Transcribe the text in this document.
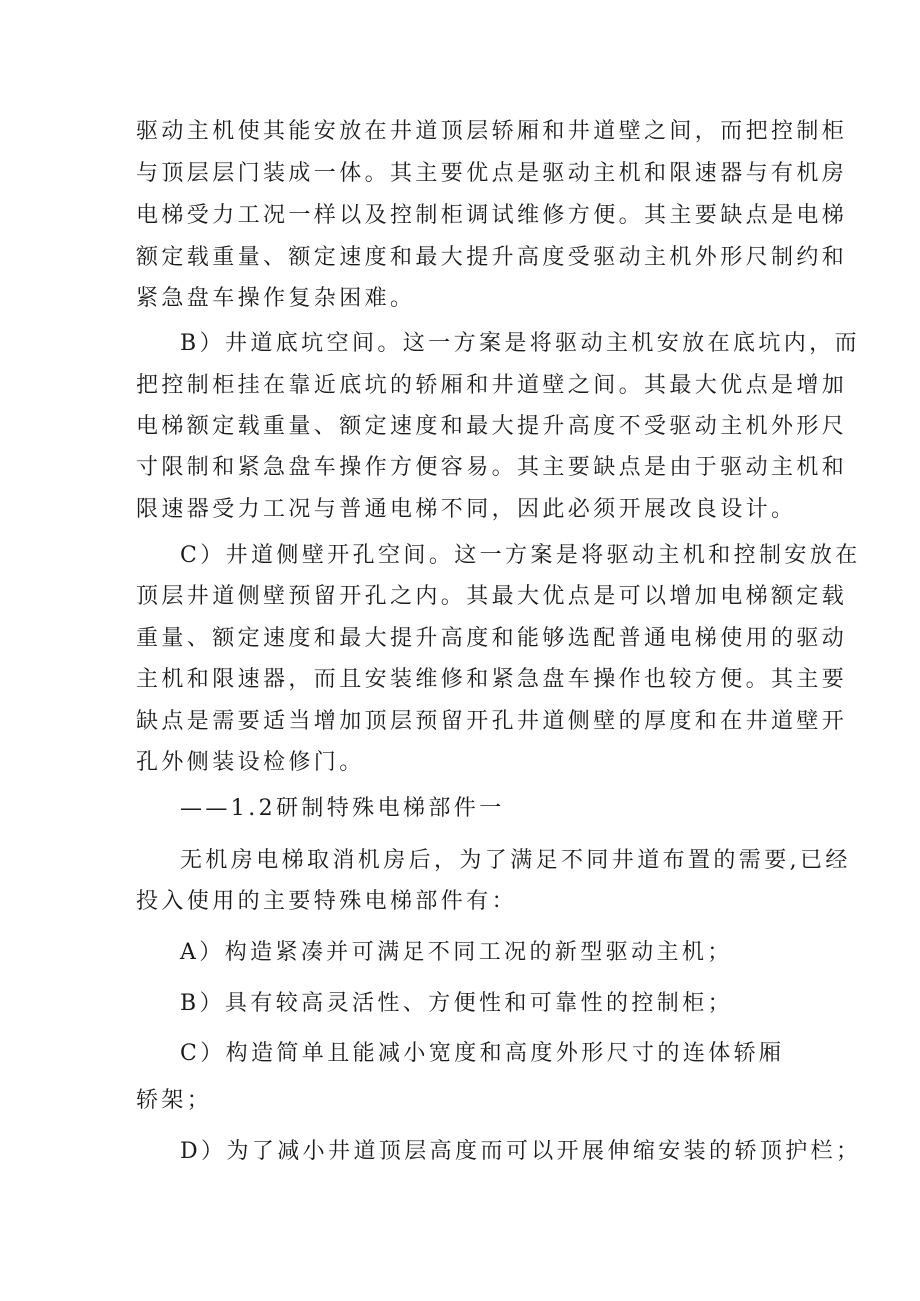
驱动主机使其能安放在井道顶层轿厢和井道壁之间，而把控制柜
与顶层层门装成一体。其主要优点是驱动主机和限速器与有机房
电梯受力工况一样以及控制柜调试维修方便。其主要缺点是电梯
额定载重量、额定速度和最大提升高度受驱动主机外形尺制约和
紧急盘车操作复杂困难。
B）井道底坑空间。这一方案是将驱动主机安放在底坑内，而
把控制柜挂在靠近底坑的轿厢和井道壁之间。其最大优点是增加
电梯额定载重量、额定速度和最大提升高度不受驱动主机外形尺
寸限制和紧急盘车操作方便容易。其主要缺点是由于驱动主机和
限速器受力工况与普通电梯不同，因此必须开展改良设计。
C）井道侧壁开孔空间。这一方案是将驱动主机和控制安放在
顶层井道侧壁预留开孔之内。其最大优点是可以增加电梯额定载
重量、额定速度和最大提升高度和能够选配普通电梯使用的驱动
主机和限速器，而且安装维修和紧急盘车操作也较方便。其主要
缺点是需要适当增加顶层预留开孔井道侧壁的厚度和在井道壁开
孔外侧装设检修门。
——1.2研制特殊电梯部件一
无机房电梯取消机房后，为了满足不同井道布置的需要,已经
投入使用的主要特殊电梯部件有：
A）构造紧凑并可满足不同工况的新型驱动主机；
B）具有较高灵活性、方便性和可靠性的控制柜；
C）构造简单且能减小宽度和高度外形尺寸的连体轿厢
轿架；
D）为了减小井道顶层高度而可以开展伸缩安装的轿顶护栏；
